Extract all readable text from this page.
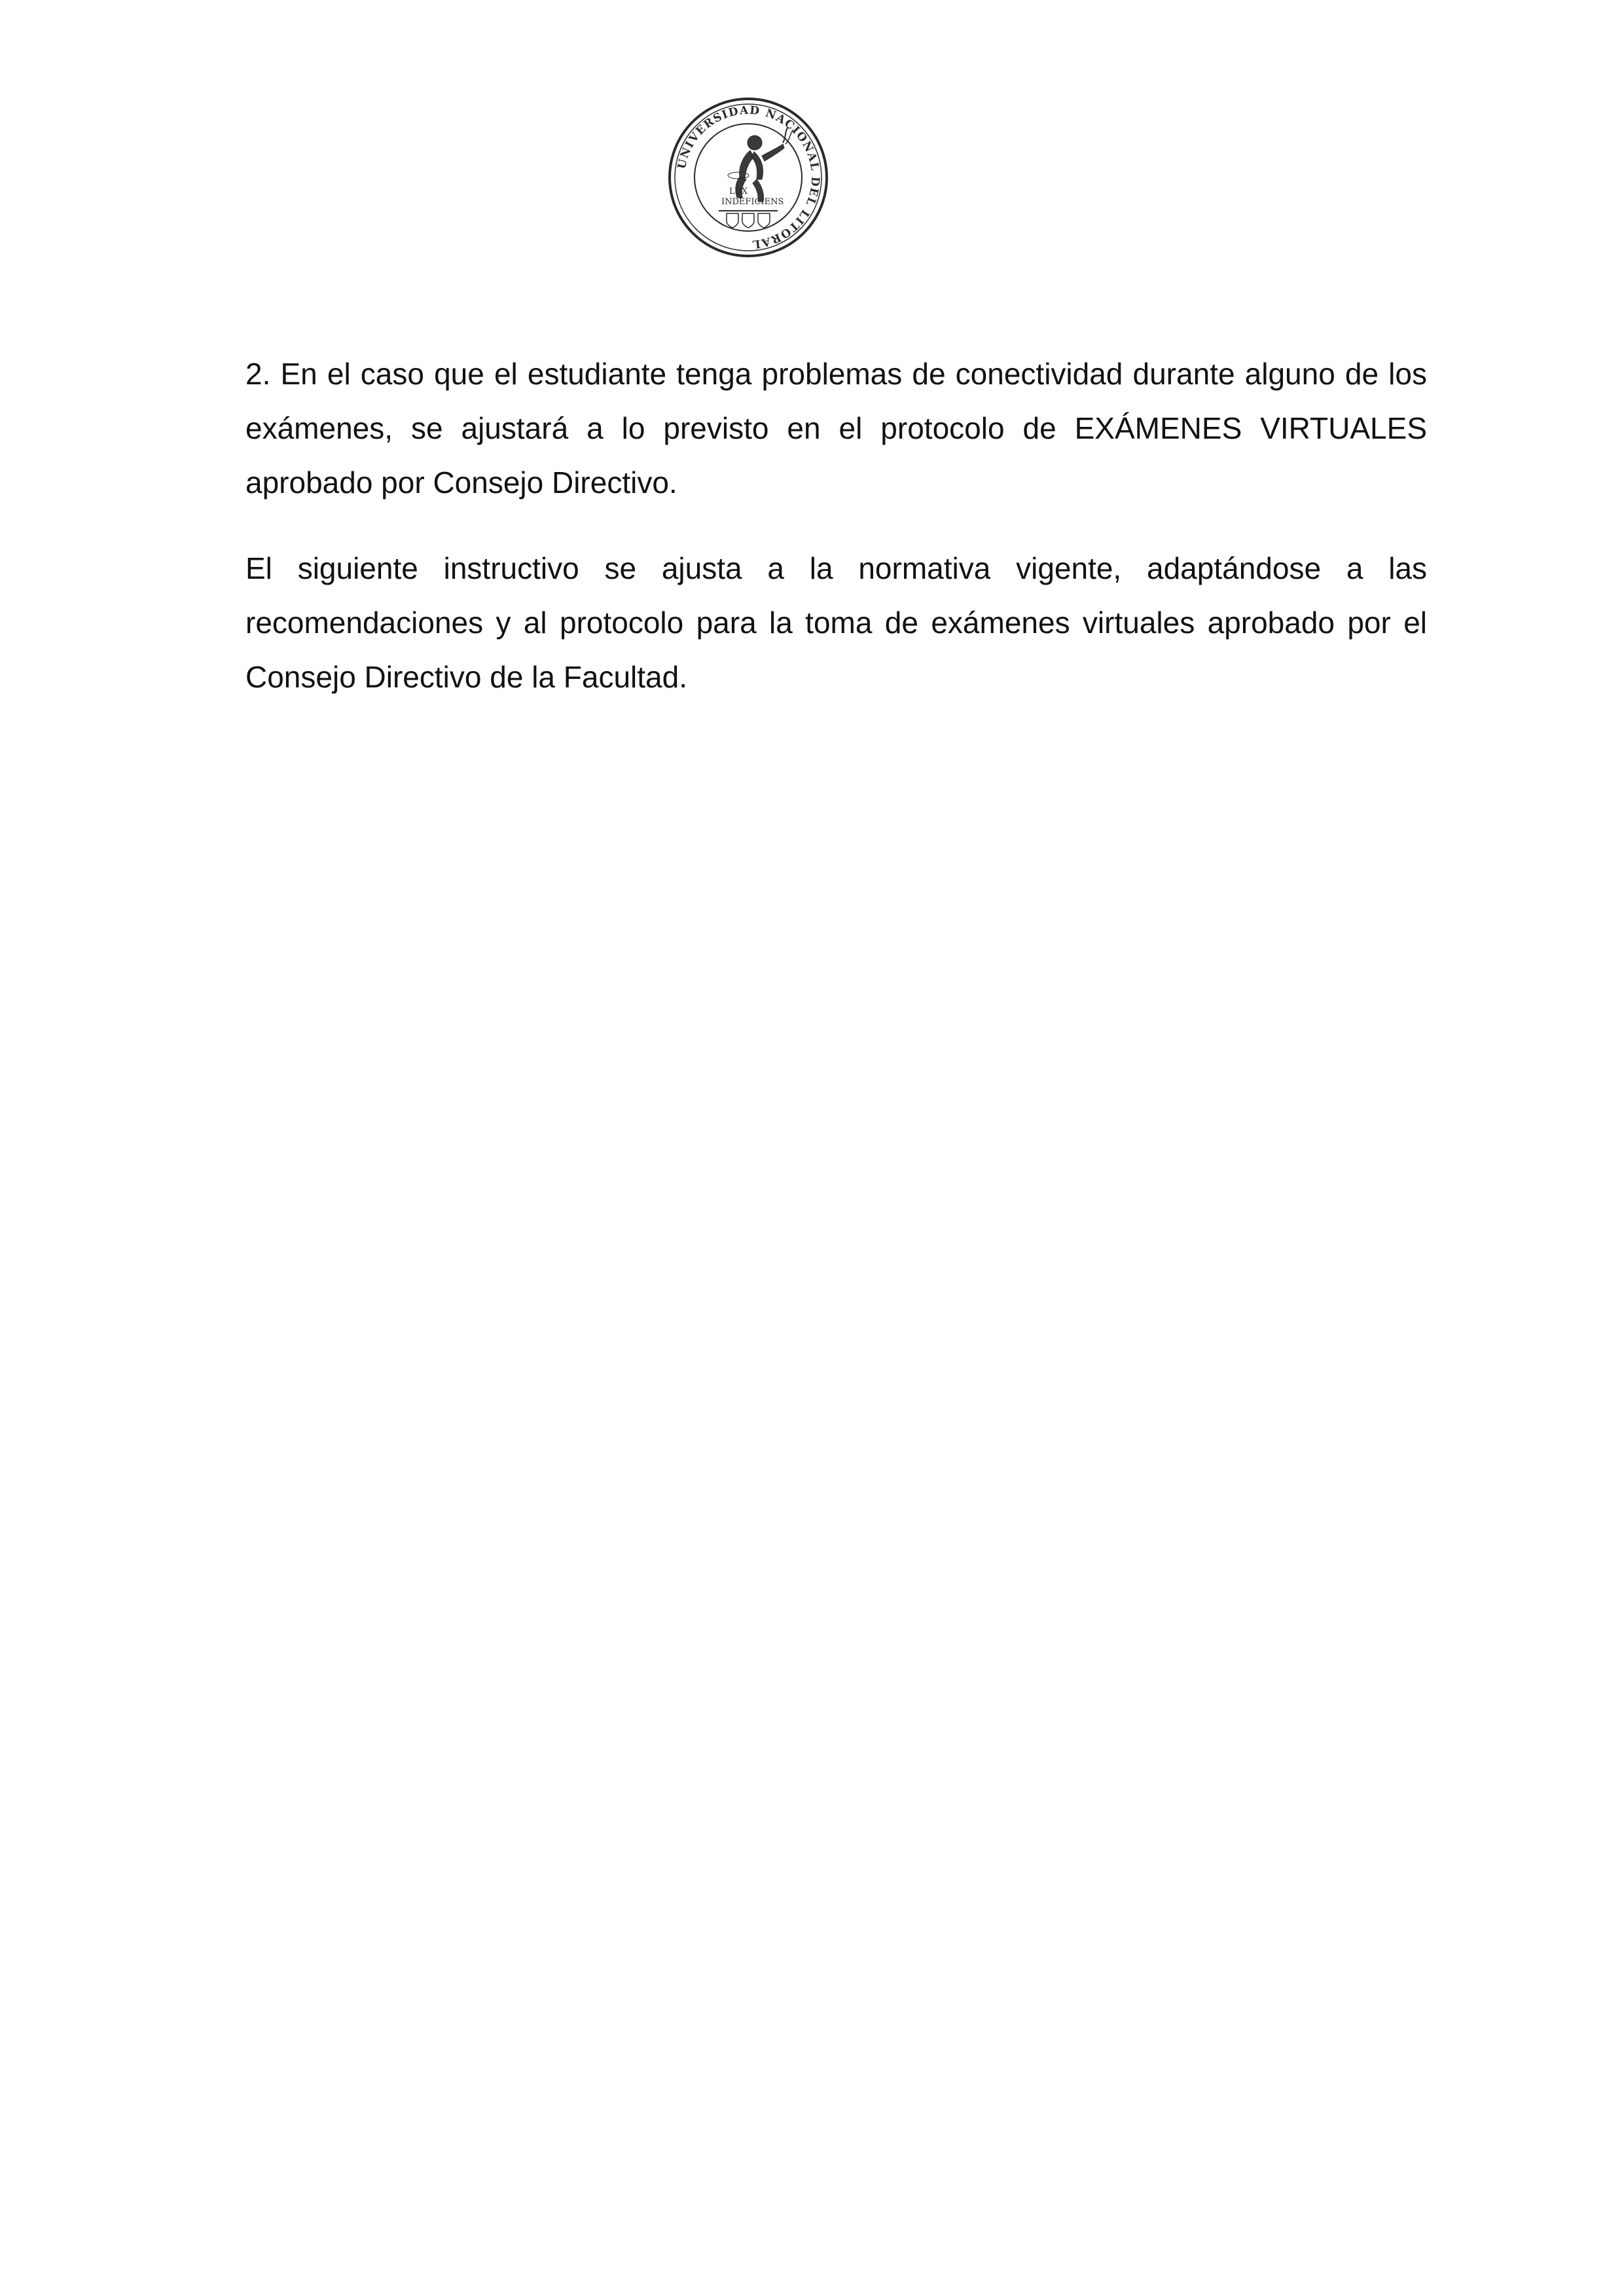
UNIVERSIDAD NACIONAL DEL LITORAL
LUX
INDEFICIENS

2. En el caso que el estudiante tenga problemas de conectividad durante alguno de los exámenes, se ajustará a lo previsto en el protocolo de EXÁMENES VIRTUALES aprobado por Consejo Directivo.

El siguiente instructivo se ajusta a la normativa vigente, adaptándose a las recomendaciones y al protocolo para la toma de exámenes virtuales aprobado por el Consejo Directivo de la Facultad.
